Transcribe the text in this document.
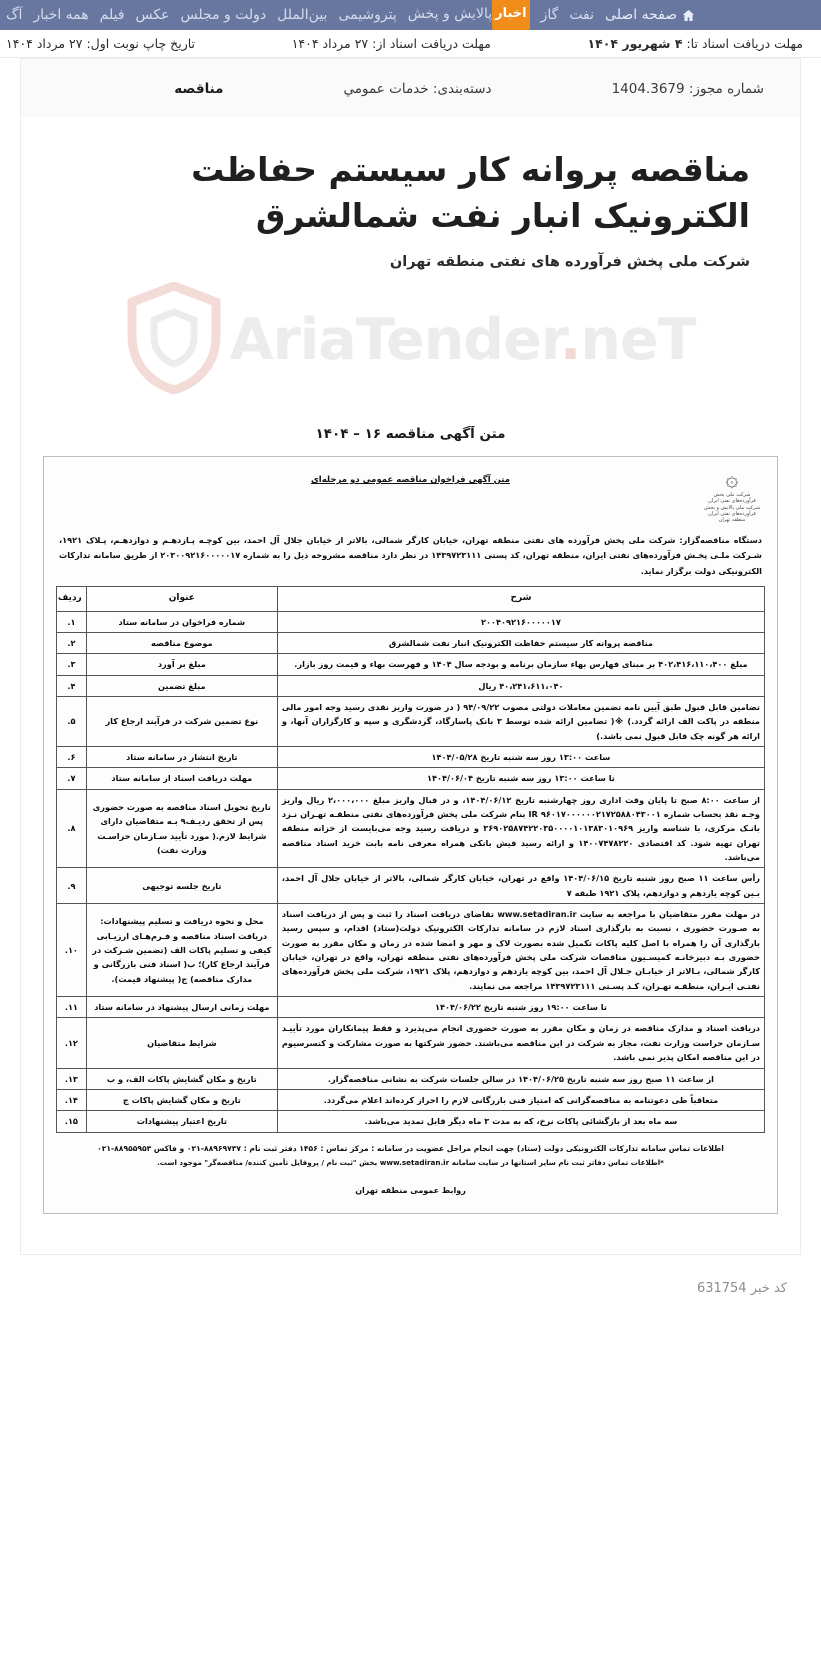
صفحه اصلی
نفت
گاز
اخبارپالایش و پخش
پتروشیمی
بین‌الملل
دولت و مجلس
عکس
فیلم
همه اخبار
آگ
مهلت دریافت اسناد تا: ۴ شهریور ۱۴۰۴
مهلت دریافت اسناد از: ۲۷ مرداد ۱۴۰۴
تاریخ چاپ نوبت اول: ۲۷ مرداد ۱۴۰۴
شماره مجوز: 1404.3679
دسته‌بندی: خدمات عمومي
مناقصه
مناقصه پروانه کار سیستم حفاظت الکترونیک انبار نفت شمالشرق

شرکت ملی پخش فرآورده های نفتی منطقه تهران

AriaTender.neT
متن آگهی مناقصه ۱۶ – ۱۴۰۴
۞
شرکت ملی پخش فرآورده‌های نفتی ایران
شرکت ملی پالایش و پخش فرآورده‌های نفتی ایران
منطقه تهران
متن آگهی فراخوان مناقصه عمومی دو مرحله‌ای
دستگاه مناقصه‌گزار: شرکت ملی پخش فرآورده های نفتی منطقه تهران، خیابان کارگر شمالی، بالاتر از خیابان جلال آل احمد، بین کوچـه پـازدهـم و دوازدهـم، پـلاک ۱۹۲۱، شـرکت ملـی پخـش فرآورده‌های نفتی ایران، منطقه تهران، کد پستی ۱۴۳۹۷۲۳۱۱۱ در نظر دارد مناقصه مشروحه ذیل را به شماره ۲۰۳۰۰۹۲۱۶۰۰۰۰۰۱۷ از طریق سامانه تدارکات الکترونیکی دولت برگزار نماید.
شرح	عنوان	ردیف
۲۰۰۴۰۹۲۱۶۰۰۰۰۰۱۷	شماره فراخوان در سامانه ستاد	۱.
مناقصه پروانه کار سیستم حفاظت الکترونیک انبار نفت شمالشرق	موضوع مناقصه	۲.
مبلغ ۴۰۲،۴۱۶،۱۱۰،۴۰۰ بر مبنای فهارس بهاء سازمان برنامه و بودجه سال ۱۴۰۴ و فهرست بهاء و قیمت روز بازار.	مبلغ بر آورد	۳.
۴۰،۲۴۱،۶۱۱،۰۴۰ ریال	مبلغ تضمین	۴.
تضامین قابل قبول طبق آیین نامه تضمین معاملات دولتی مصوب ۹۴/۰۹/۲۲ ( در صورت واریز نقدی رسید وجه امور مالی منطقه در پاکت الف ارائه گردد.) ※( تضامین ارائه شده توسط ۳ بانک پاسارگاد، گردشگری و سپه و کارگزاران آنها، و ارائه هر گونه چک قابل قبول نمی باشد.)	نوع تضمین شرکت در فرآیند ارجاع کار	۵.
ساعت ۱۳:۰۰ روز سه شنبه تاریخ ۱۴۰۴/۰۵/۲۸	تاریخ انتشار در سامانه ستاد	۶.
تا ساعت ۱۳:۰۰ روز سه شنبه تاریخ ۱۴۰۴/۰۶/۰۴	مهلت دریافت اسناد از سامانه ستاد	۷.
از ساعت ۸:۰۰ صبح تا پایان وقت اداری روز چهارشنبه تاریخ ۱۴۰۴/۰۶/۱۲، و در قبال واریز مبلغ ۲،۰۰۰،۰۰۰ ریال واریز وجـه نقد بحساب شماره IR ۹۶۰۱۷۰۰۰۰۰۰۲۱۷۲۵۸۸۰۴۳۰۰۱ بنام شرکت ملی پخش فرآورده‌های نفتی منطقـه تهـران نـزد بانـک مرکزی، با شناسه واریز ۳۶۹۰۲۵۸۷۴۲۲۰۳۵۰۰۰۰۱۰۱۳۸۳۰۱۰۹۶۹ و دریافت رسید وجه می‌بایست از خزانه منطقه تهران تهیه شود. کد اقتصادی ۱۴۰۰۷۴۷۸۲۲۰ و ارائه رسید فیش بانکی همراه معرفی نامه بابت خرید اسناد مناقصه می‌باشد.	تاریخ تحویل اسناد مناقصه به صورت حضوری پس از تحقق ردیـف۹ بـه متقاضیان دارای شرایط لازم.( مورد تأیید سـازمان حراسـت وزارت نفت)	۸.
رأس ساعت ۱۱ صبح روز شنبه تاریخ ۱۴۰۴/۰۶/۱۵ واقع در تهران، خیابان کارگر شمالی، بالاتر از خیابان جلال آل احمد، بـین کوچه یازدهم و دوازدهم، پلاک ۱۹۲۱ طبقه ۷	تاریخ جلسه توجیهی	۹.
در مهلت مقرر متقاضیان با مراجعه به سایت www.setadiran.ir تقاضای دریافت اسناد را ثبت و پس از دریافت اسناد به صـورت حضوری ، نسبت به بارگذاری اسناد لازم در سامانه تدارکات الکترونیک دولت(ستاد) اقدام، و سپس رسید بارگذاری آن را همراه با اصل کلیه پاکات تکمیل شده بصورت لاک و مهر و امضا شده در زمان و مکان مقرر به صورت حضوری بـه دبیرخانـه کمیسـیون مناقصات شرکت ملی پخش فرآورده‌های نفتی منطقه تهران، واقع در تهران، خیابان کارگر شمالی، بـالاتر از خیابـان جـلال آل احمد، بین کوچه یازدهم و دوازدهم، پلاک ۱۹۲۱، شرکت ملی پخش فرآورده‌های نفتـی ایـران، منطقـه تهـران، کـد پسـتی ۱۴۳۹۷۲۳۱۱۱ مراجعه می نمایند.	محل و نحوه دریافت و تسلیم پیشنهادات: دریافت اسناد مناقصه و فـرم‌هـای ارزیـابی کیفی و تسلیم پاکات الف (تضمین شـرکت در فرآیند ارجاع کار)؛ ب( اسناد فنی بازرگانی و مدارک مناقصه) ج( پیشنهاد قیمت).	۱۰.
تا ساعت ۱۹:۰۰ روز شنبه تاریخ ۱۴۰۴/۰۶/۲۲	مهلت زمانی ارسال پیشنهاد در سامانه ستاد	۱۱.
دریافت اسناد و مدارک مناقصه در زمان و مکان مقرر به صورت حضوری انجام می‌پذیرد و فقط پیمانکاران مورد تأییـد سـازمان حراست وزارت نفت، مجاز به شرکت در این مناقصه می‌باشند. حضور شرکتها به صورت مشارکت و کنسرسیوم در این مناقصه امکان پذیر نمی باشد.	شرایط متقاضیان	۱۲.
از ساعت ۱۱ صبح روز سه شنبه تاریخ ۱۴۰۴/۰۶/۲۵ در سالن جلسات شرکت به نشانی مناقصه‌گزار.	تاریخ و مکان گشایش پاکات الف، و ب	۱۳.
متعاقباً طی دعوتنامه به مناقصه‌گرانی که امتیاز فنی بازرگانی لازم را احراز کرده‌اند اعلام می‌گردد.	تاریخ و مکان گشایش پاکات ج	۱۴.
سه ماه بعد از بازگشائی پاکات نرخ، که به مدت ۳ ماه دیگر قابل تمدید می‌باشد.	تاریخ اعتبار پیشنهادات	۱۵.
اطلاعات تماس سامانه تدارکات الکترونیکی دولت (ستاد) جهت انجام مراحل عضویت در سامانه : مرکز تماس : ۱۴۵۶ دفتر ثبت نام : ۸۸۹۶۹۷۳۷-۰۲۱ و فاکس ۸۸۹۵۵۹۵۳-۰۲۱
*اطلاعات تماس دفاتر ثبت نام سایر استانها در سایت سامانه www.setadiran.ir بخش "ثبت نام / پروفایل تأمین کننده/ مناقصه‌گر" موجود است.
روابط عمومی منطقه تهران
کد خبر 631754
